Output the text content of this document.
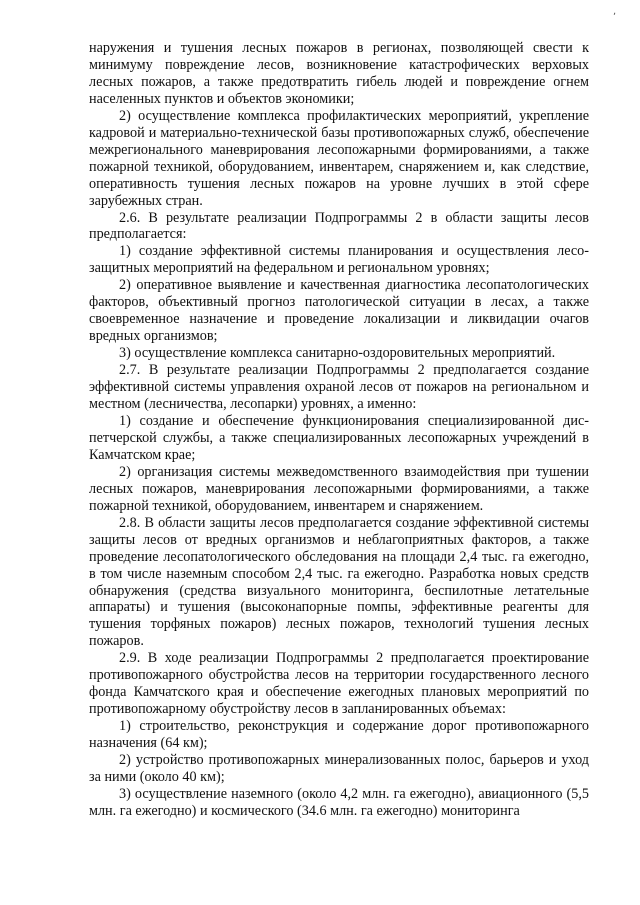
٬

наружения и тушения лесных пожаров в регионах, позволяющей свести к минимуму повреждение лесов, возникновение катастрофических верховых лесных пожаров, а также предотвратить гибель людей и повреждение огнем населенных пунктов и объектов экономики;

2) осуществление комплекса профилактических мероприятий, укрепление кадровой и материально-технической базы противопожарных служб, обеспечение межрегионального маневрирования лесопожарными формированиями, а также пожарной техникой, оборудованием, инвентарем, снаряжением и, как следствие, оперативность тушения лесных пожаров на уровне лучших в этой сфере зарубежных стран.

2.6. В результате реализации Подпрограммы 2 в области защиты лесов предполагается:

1) создание эффективной системы планирования и осуществления лесозащитных мероприятий на федеральном и региональном уровнях;

2) оперативное выявление и качественная диагностика лесопатологических факторов, объективный прогноз патологической ситуации в лесах, а также своевременное назначение и проведение локализации и ликвидации очагов вредных организмов;

3) осуществление комплекса санитарно-оздоровительных мероприятий.

2.7. В результате реализации Подпрограммы 2 предполагается создание эффективной системы управления охраной лесов от пожаров на региональном и местном (лесничества, лесопарки) уровнях, а именно:

1) создание и обеспечение функционирования специализированной диспетчерской службы, а также специализированных лесопожарных учреждений в Камчатском крае;

2) организация системы межведомственного взаимодействия при тушении лесных пожаров, маневрирования лесопожарными формированиями, а также пожарной техникой, оборудованием, инвентарем и снаряжением.

2.8. В области защиты лесов предполагается создание эффективной системы защиты лесов от вредных организмов и неблагоприятных факторов, а также проведение лесопатологического обследования на площади 2,4 тыс. га ежегодно, в том числе наземным способом 2,4 тыс. га ежегодно. Разработка новых средств обнаружения (средства визуального мониторинга, беспилотные летательные аппараты) и тушения (высоконапорные помпы, эффективные реагенты для тушения торфяных пожаров) лесных пожаров, технологий тушения лесных пожаров.

2.9. В ходе реализации Подпрограммы 2 предполагается проектирование противопожарного обустройства лесов на территории государственного лесного фонда Камчатского края и обеспечение ежегодных плановых мероприятий по противопожарному обустройству лесов в запланированных объемах:

1) строительство, реконструкция и содержание дорог противопожарного назначения (64 км);

2) устройство противопожарных минерализованных полос, барьеров и уход за ними (около 40 км);

3) осуществление наземного (около 4,2 млн. га ежегодно), авиационного (5,5 млн. га ежегодно) и космического (34.6 млн. га ежегодно) мониторинга
